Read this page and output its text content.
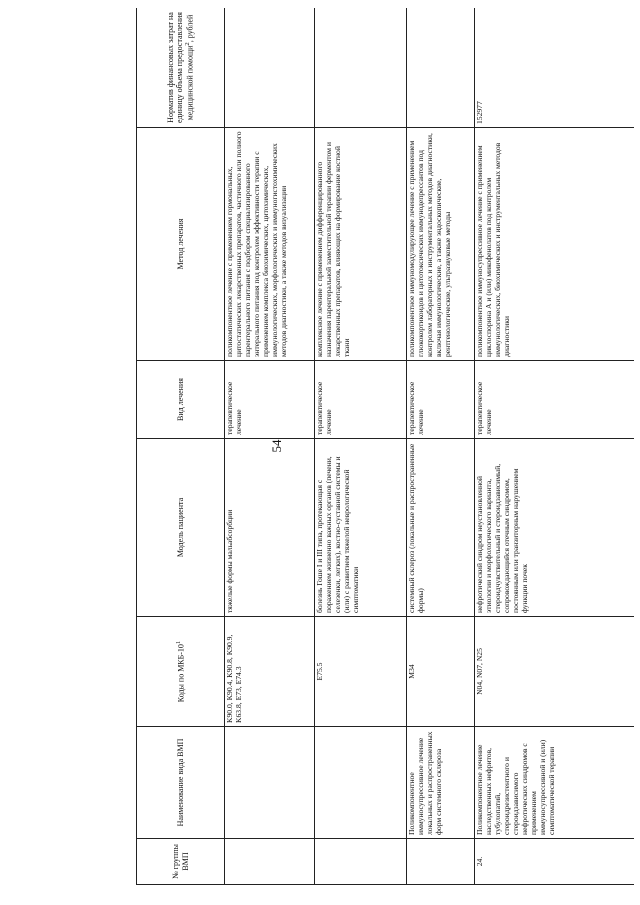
54
№ группы ВМП	Наименование вида ВМП	Коды по МКБ-$10^1$	Модель пациента	Вид лечения	Метод лечения	Норматив финансовых затрат на единицу объема предоставления медицинской помощи$^2$, рублей
		K90.0, K90.4, K90.8, K90.9, K63.8, E73, E74.3	тяжелые формы мальабсорбции	терапевтическое лечение	поликомпонентное лечение с применением гормональных, цитостатических лекарственных препаратов, частичного или полного парентерального питания с подбором специализированного энтерального питания под контролем эффективности терапии с применением комплекса биохимических, цитохимических, иммунологических, морфологических и иммуногистохимических методов диагностики, а также методов визуализации	
		E75.5	болезнь Гоше I и III типа, протекающая с поражением жизненно важных органов (печени, селезенки, легких), костно-суставной системы и (или) с развитием тяжелой неврологической симптоматики	терапевтическое лечение	комплексное лечение с применением дифференцированного назначения парентеральной заместительной терапии ферментом и лекарственных препаратов, влияющих на формирование костной ткани	
	Поликомпонентное иммуносупрессивное лечение локальных и распространенных форм системного склероза	M34	системный склероз (локальные и распространенные формы)	терапевтическое лечение	поликомпонентное иммуномодулирующее лечение с применением глюкокортикоидов и цитотоксических иммунодепрессантов под контролем лабораторных и инструментальных методов диагностики, включая иммунологические, а также эндоскопические, рентгенологические, ультразвуковые методы	
24.	Поликомпонентное лечение наследственных нефритов, тубулопатий, стероидрезистентного и стероидзависимого нефротических синдромов с применением иммуносупрессивной и (или) симптоматической терапии	N04, N07, N25	нефротический синдром неустановленной этиологии и морфологического варианта, стероидчувствительный и стероидзависимый, сопровождающийся отечным синдромом, постоянным или транзиторным нарушением функции почек	терапевтическое лечение	поликомпонентное иммуносупрессивное лечение с применением циклоспорина А и (или) микофенолатов под контролем иммунологических, биохимических и инструментальных методов диагностики	152977
